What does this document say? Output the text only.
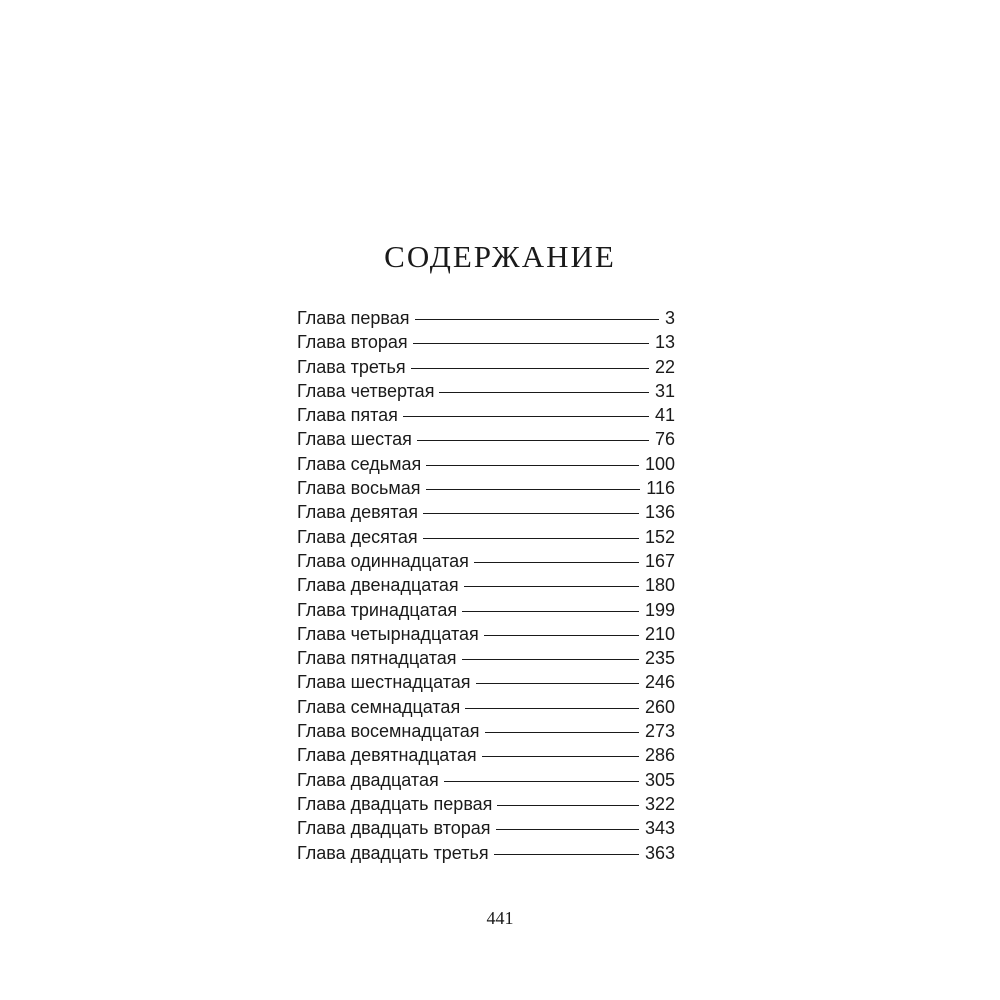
СОДЕРЖАНИЕ
Глава первая	3
Глава вторая	13
Глава третья	22
Глава четвертая	31
Глава пятая	41
Глава шестая	76
Глава седьмая	100
Глава восьмая	116
Глава девятая	136
Глава десятая	152
Глава одиннадцатая	167
Глава двенадцатая	180
Глава тринадцатая	199
Глава четырнадцатая	210
Глава пятнадцатая	235
Глава шестнадцатая	246
Глава семнадцатая	260
Глава восемнадцатая	273
Глава девятнадцатая	286
Глава двадцатая	305
Глава двадцать первая	322
Глава двадцать вторая	343
Глава двадцать третья	363
441
